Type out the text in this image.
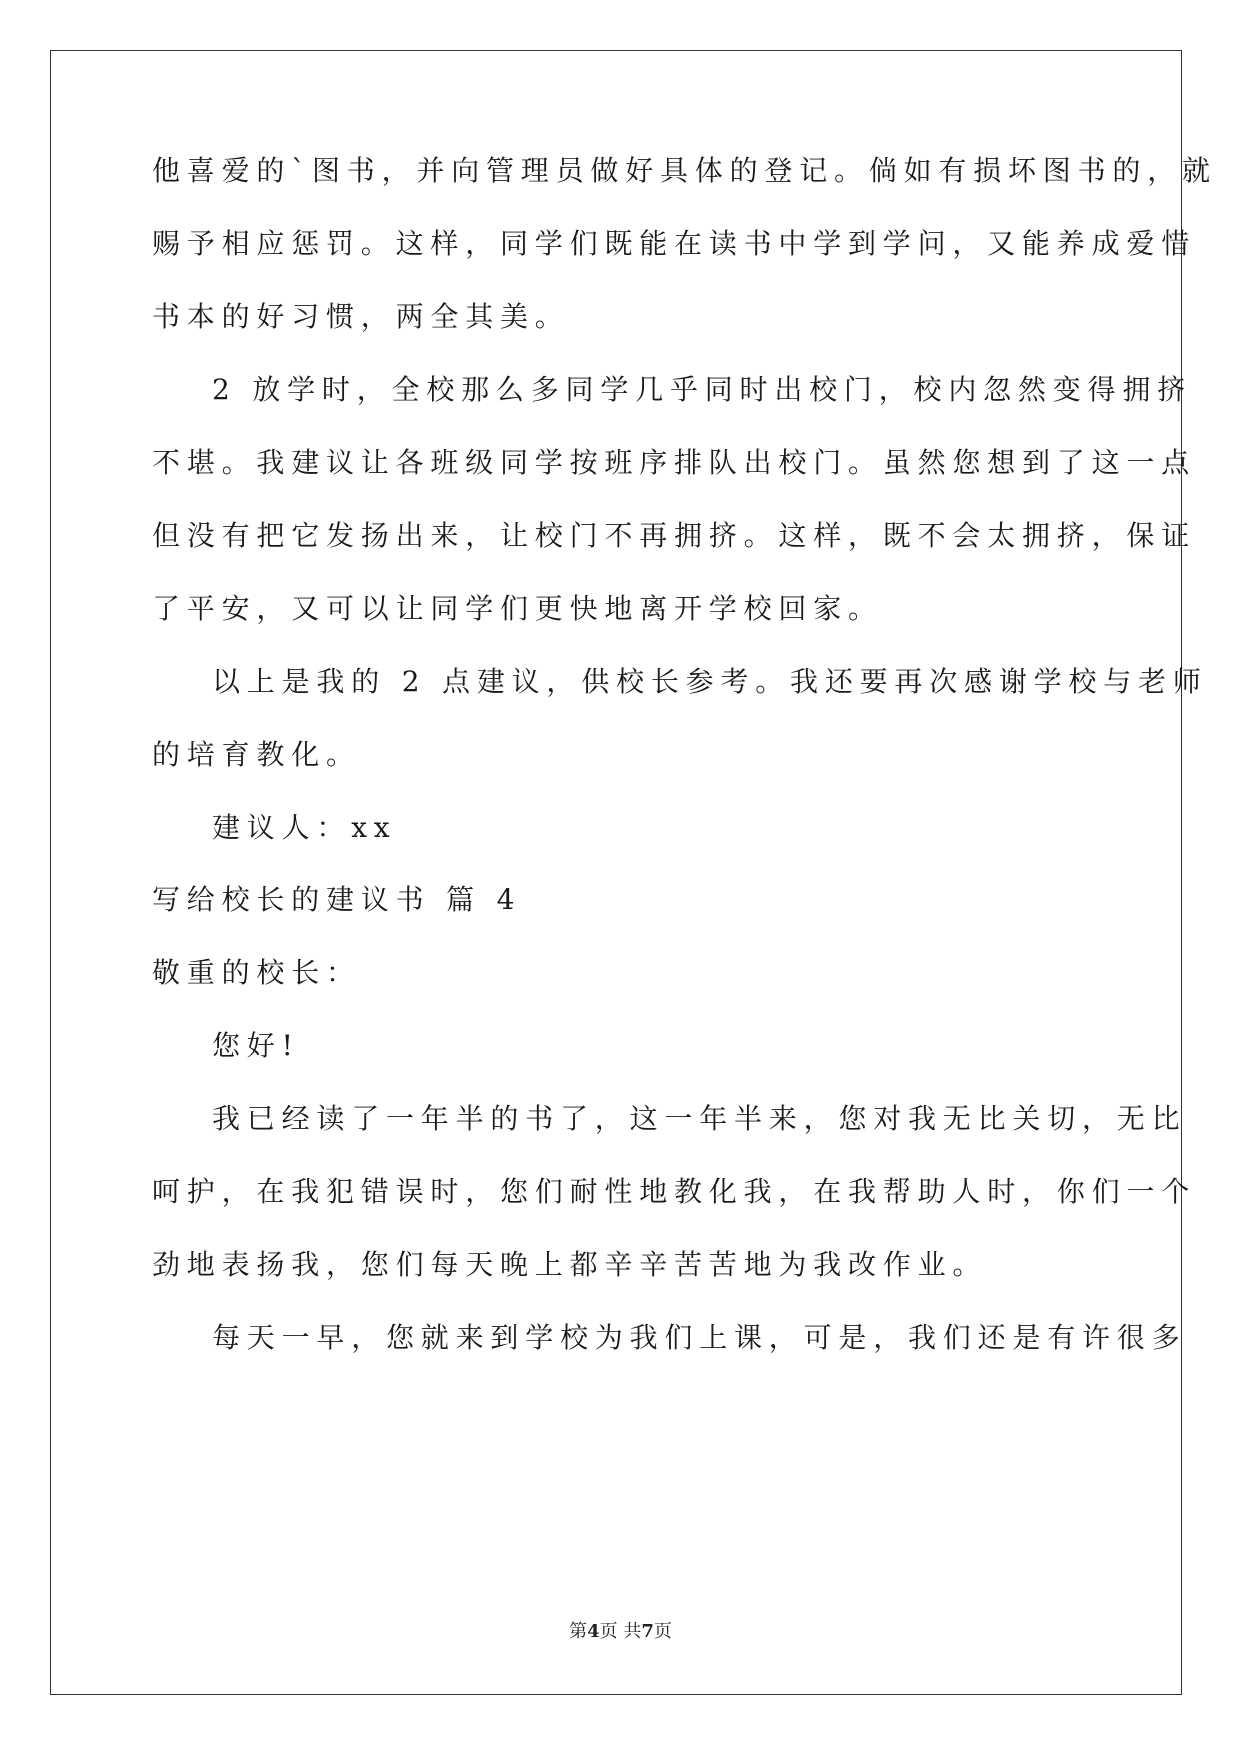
他喜爱的`图书，并向管理员做好具体的登记。倘如有损坏图书的，就
赐予相应惩罚。这样，同学们既能在读书中学到学问，又能养成爱惜
书本的好习惯，两全其美。
2 放学时，全校那么多同学几乎同时出校门，校内忽然变得拥挤
不堪。我建议让各班级同学按班序排队出校门。虽然您想到了这一点
但没有把它发扬出来，让校门不再拥挤。这样，既不会太拥挤，保证
了平安，又可以让同学们更快地离开学校回家。
以上是我的 2 点建议，供校长参考。我还要再次感谢学校与老师
的培育教化。
建议人：xx
写给校长的建议书 篇 4
敬重的校长：
您好!
我已经读了一年半的书了，这一年半来，您对我无比关切，无比
呵护，在我犯错误时，您们耐性地教化我，在我帮助人时，你们一个
劲地表扬我，您们每天晚上都辛辛苦苦地为我改作业。
每天一早，您就来到学校为我们上课，可是，我们还是有许很多
第4页 共7页
